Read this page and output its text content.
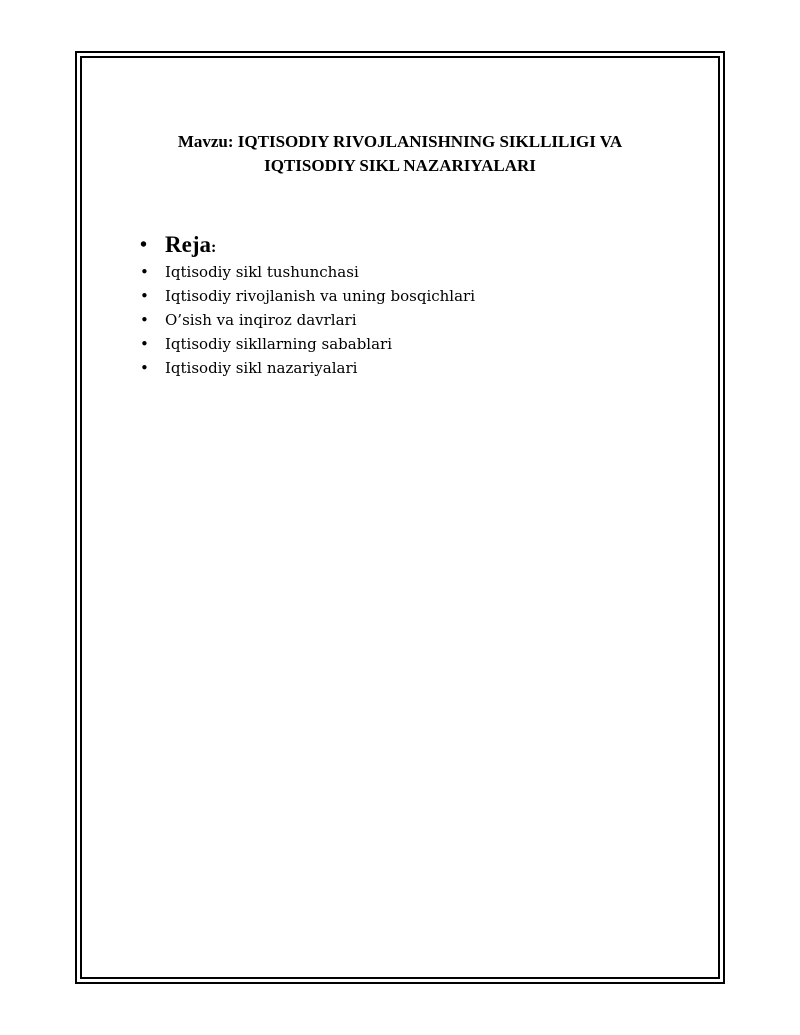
Mavzu: IQTISODIY RIVOJLANISHNING SIKLLILIGI VA
IQTISODIY SIKL NAZARIYALARI
• Reja:
• Iqtisodiy sikl tushunchasi
• Iqtisodiy rivojlanish va uning bosqichlari
• O’sish va inqiroz davrlari
• Iqtisodiy sikllarning sabablari
• Iqtisodiy sikl nazariyalari
